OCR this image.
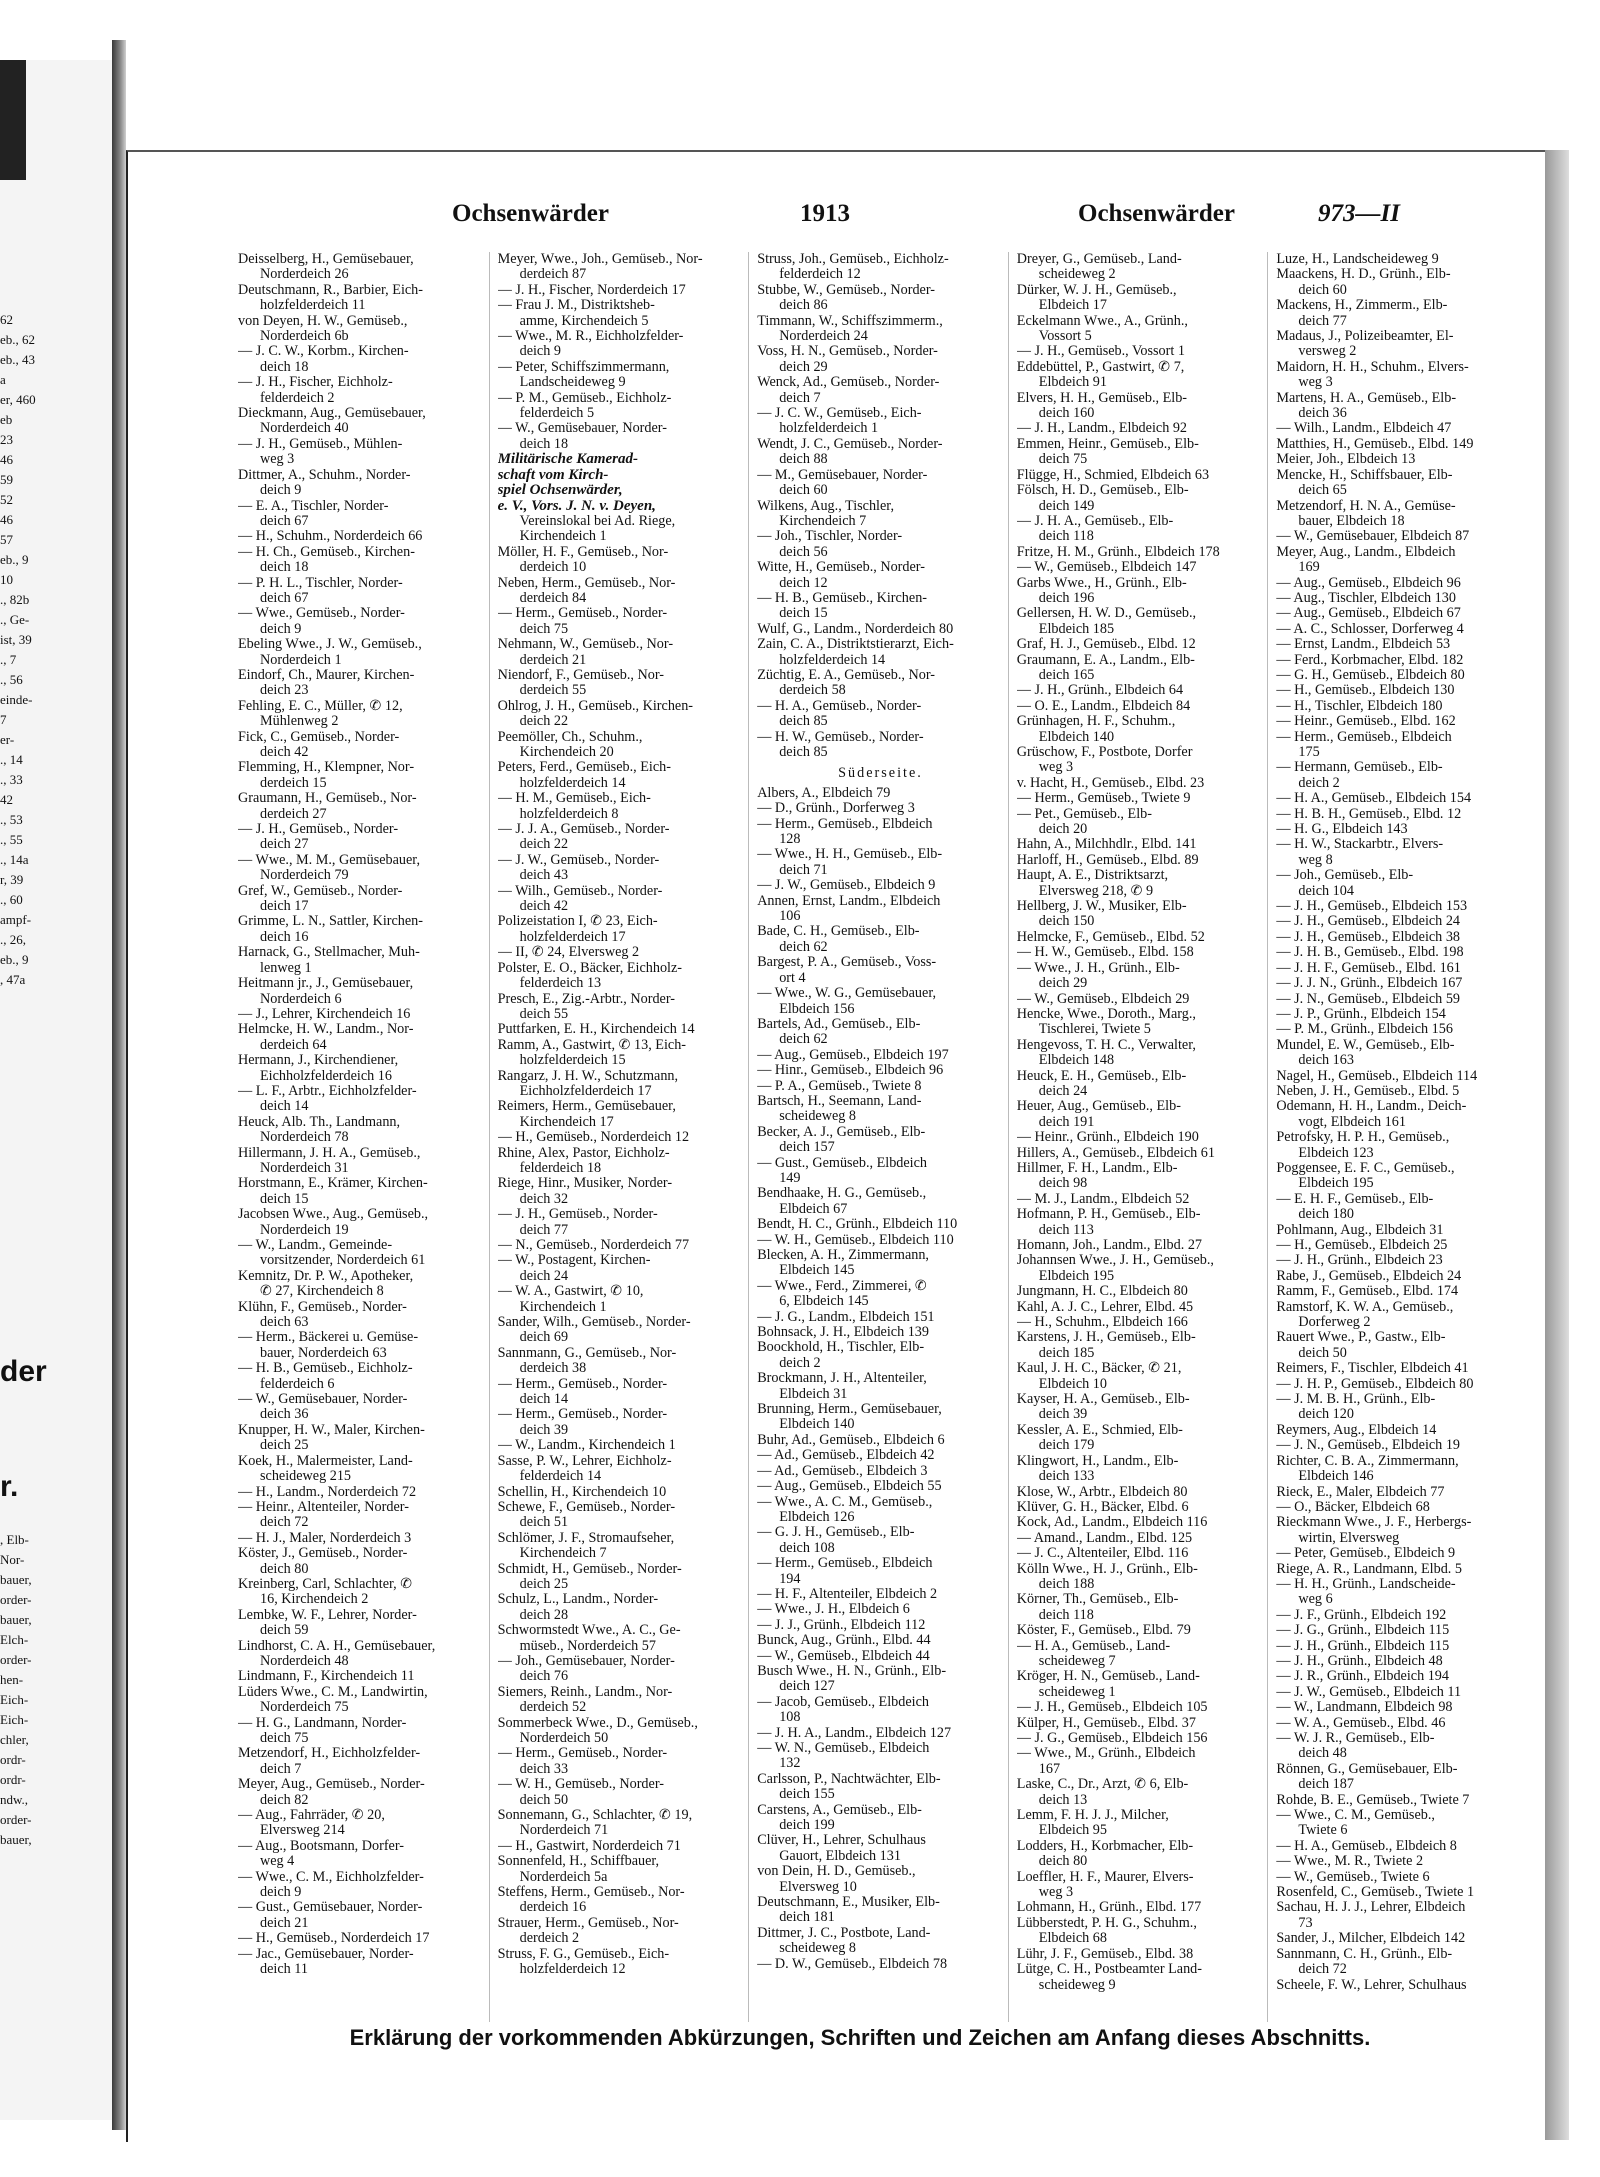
62
eb., 62
eb., 43
a
er, 460
eb
23
46
59
52
46
57
eb., 9
10
., 82b
., Ge-
ist, 39
., 7
., 56
einde-
7
er-
., 14
., 33
42
., 53
., 55
., 14a
r, 39
., 60
ampf-
., 26,
eb., 9
, 47a
der
r.
, Elb-
Nor-
bauer,
order-
bauer,
Elch-
order-
hen-
Eich-
Eich-
chler,
ordr-
ordr-
ndw.,
order-
bauer,
Ochsenwärder	1913	Ochsenwärder	973—II
Deisselberg, H., Gemüsebauer,
Norderdeich 26
Deutschmann, R., Barbier, Eich-
holzfelderdeich 11
von Deyen, H. W., Gemüseb.,
Norderdeich 6b
— J. C. W., Korbm., Kirchen-
deich 18
— J. H., Fischer, Eichholz-
felderdeich 2
Dieckmann, Aug., Gemüsebauer,
Norderdeich 40
— J. H., Gemüseb., Mühlen-
weg 3
Dittmer, A., Schuhm., Norder-
deich 9
— E. A., Tischler, Norder-
deich 67
— H., Schuhm., Norderdeich 66
— H. Ch., Gemüseb., Kirchen-
deich 18
— P. H. L., Tischler, Norder-
deich 67
— Wwe., Gemüseb., Norder-
deich 9
Ebeling Wwe., J. W., Gemüseb.,
Norderdeich 1
Eindorf, Ch., Maurer, Kirchen-
deich 23
Fehling, E. C., Müller, ✆ 12,
Mühlenweg 2
Fick, C., Gemüseb., Norder-
deich 42
Flemming, H., Klempner, Nor-
derdeich 15
Graumann, H., Gemüseb., Nor-
derdeich 27
— J. H., Gemüseb., Norder-
deich 27
— Wwe., M. M., Gemüsebauer,
Norderdeich 79
Gref, W., Gemüseb., Norder-
deich 17
Grimme, L. N., Sattler, Kirchen-
deich 16
Harnack, G., Stellmacher, Muh-
lenweg 1
Heitmann jr., J., Gemüsebauer,
Norderdeich 6
— J., Lehrer, Kirchendeich 16
Helmcke, H. W., Landm., Nor-
derdeich 64
Hermann, J., Kirchendiener,
Eichholzfelderdeich 16
— L. F., Arbtr., Eichholzfelder-
deich 14
Heuck, Alb. Th., Landmann,
Norderdeich 78
Hillermann, J. H. A., Gemüseb.,
Norderdeich 31
Horstmann, E., Krämer, Kirchen-
deich 15
Jacobsen Wwe., Aug., Gemüseb.,
Norderdeich 19
— W., Landm., Gemeinde-
vorsitzender, Norderdeich 61
Kemnitz, Dr. P. W., Apotheker,
✆ 27, Kirchendeich 8
Klühn, F., Gemüseb., Norder-
deich 63
— Herm., Bäckerei u. Gemüse-
bauer, Norderdeich 63
— H. B., Gemüseb., Eichholz-
felderdeich 6
— W., Gemüsebauer, Norder-
deich 36
Knupper, H. W., Maler, Kirchen-
deich 25
Koek, H., Malermeister, Land-
scheideweg 215
— H., Landm., Norderdeich 72
— Heinr., Altenteiler, Norder-
deich 72
— H. J., Maler, Norderdeich 3
Köster, J., Gemüseb., Norder-
deich 80
Kreinberg, Carl, Schlachter, ✆
16, Kirchendeich 2
Lembke, W. F., Lehrer, Norder-
deich 59
Lindhorst, C. A. H., Gemüsebauer,
Norderdeich 48
Lindmann, F., Kirchendeich 11
Lüders Wwe., C. M., Landwirtin,
Norderdeich 75
— H. G., Landmann, Norder-
deich 75
Metzendorf, H., Eichholzfelder-
deich 7
Meyer, Aug., Gemüseb., Norder-
deich 82
— Aug., Fahrräder, ✆ 20,
Elversweg 214
— Aug., Bootsmann, Dorfer-
weg 4
— Wwe., C. M., Eichholzfelder-
deich 9
— Gust., Gemüsebauer, Norder-
deich 21
— H., Gemüseb., Norderdeich 17
— Jac., Gemüsebauer, Norder-
deich 11
Meyer, Wwe., Joh., Gemüseb., Nor-
derdeich 87
— J. H., Fischer, Norderdeich 17
— Frau J. M., Distriktsheb-
amme, Kirchendeich 5
— Wwe., M. R., Eichholzfelder-
deich 9
— Peter, Schiffszimmermann,
Landscheideweg 9
— P. M., Gemüseb., Eichholz-
felderdeich 5
— W., Gemüsebauer, Norder-
deich 18
Militärische Kamerad-
schaft vom Kirch-
spiel Ochsenwärder,
e. V., Vors. J. N. v. Deyen,
Vereinslokal bei Ad. Riege,
Kirchendeich 1
Möller, H. F., Gemüseb., Nor-
derdeich 10
Neben, Herm., Gemüseb., Nor-
derdeich 84
— Herm., Gemüseb., Norder-
deich 75
Nehmann, W., Gemüseb., Nor-
derdeich 21
Niendorf, F., Gemüseb., Nor-
derdeich 55
Ohlrog, J. H., Gemüseb., Kirchen-
deich 22
Peemöller, Ch., Schuhm.,
Kirchendeich 20
Peters, Ferd., Gemüseb., Eich-
holzfelderdeich 14
— H. M., Gemüseb., Eich-
holzfelderdeich 8
— J. J. A., Gemüseb., Norder-
deich 22
— J. W., Gemüseb., Norder-
deich 43
— Wilh., Gemüseb., Norder-
deich 42
Polizeistation I, ✆ 23, Eich-
holzfelderdeich 17
— II, ✆ 24, Elversweg 2
Polster, E. O., Bäcker, Eichholz-
felderdeich 13
Presch, E., Zig.-Arbtr., Norder-
deich 55
Puttfarken, E. H., Kirchendeich 14
Ramm, A., Gastwirt, ✆ 13, Eich-
holzfelderdeich 15
Rangarz, J. H. W., Schutzmann,
Eichholzfelderdeich 17
Reimers, Herm., Gemüsebauer,
Kirchendeich 17
— H., Gemüseb., Norderdeich 12
Rhine, Alex, Pastor, Eichholz-
felderdeich 18
Riege, Hinr., Musiker, Norder-
deich 32
— J. H., Gemüseb., Norder-
deich 77
— N., Gemüseb., Norderdeich 77
— W., Postagent, Kirchen-
deich 24
— W. A., Gastwirt, ✆ 10,
Kirchendeich 1
Sander, Wilh., Gemüseb., Norder-
deich 69
Sannmann, G., Gemüseb., Nor-
derdeich 38
— Herm., Gemüseb., Norder-
deich 14
— Herm., Gemüseb., Norder-
deich 39
— W., Landm., Kirchendeich 1
Sasse, P. W., Lehrer, Eichholz-
felderdeich 14
Schellin, H., Kirchendeich 10
Schewe, F., Gemüseb., Norder-
deich 51
Schlömer, J. F., Stromaufseher,
Kirchendeich 7
Schmidt, H., Gemüseb., Norder-
deich 25
Schulz, L., Landm., Norder-
deich 28
Schwormstedt Wwe., A. C., Ge-
müseb., Norderdeich 57
— Joh., Gemüsebauer, Norder-
deich 76
Siemers, Reinh., Landm., Nor-
derdeich 52
Sommerbeck Wwe., D., Gemüseb.,
Norderdeich 50
— Herm., Gemüseb., Norder-
deich 33
— W. H., Gemüseb., Norder-
deich 50
Sonnemann, G., Schlachter, ✆ 19,
Norderdeich 71
— H., Gastwirt, Norderdeich 71
Sonnenfeld, H., Schiffbauer,
Norderdeich 5a
Steffens, Herm., Gemüseb., Nor-
derdeich 16
Strauer, Herm., Gemüseb., Nor-
derdeich 2
Struss, F. G., Gemüseb., Eich-
holzfelderdeich 12
Struss, Joh., Gemüseb., Eichholz-
felderdeich 12
Stubbe, W., Gemüseb., Norder-
deich 86
Timmann, W., Schiffszimmerm.,
Norderdeich 24
Voss, H. N., Gemüseb., Norder-
deich 29
Wenck, Ad., Gemüseb., Norder-
deich 7
— J. C. W., Gemüseb., Eich-
holzfelderdeich 1
Wendt, J. C., Gemüseb., Norder-
deich 88
— M., Gemüsebauer, Norder-
deich 60
Wilkens, Aug., Tischler,
Kirchendeich 7
— Joh., Tischler, Norder-
deich 56
Witte, H., Gemüseb., Norder-
deich 12
— H. B., Gemüseb., Kirchen-
deich 15
Wulf, G., Landm., Norderdeich 80
Zain, C. A., Distriktstierarzt, Eich-
holzfelderdeich 14
Züchtig, E. A., Gemüseb., Nor-
derdeich 58
— H. A., Gemüseb., Norder-
deich 85
— H. W., Gemüseb., Norder-
deich 85
Süderseite.
Albers, A., Elbdeich 79
— D., Grünh., Dorferweg 3
— Herm., Gemüseb., Elbdeich
128
— Wwe., H. H., Gemüseb., Elb-
deich 71
— J. W., Gemüseb., Elbdeich 9
Annen, Ernst, Landm., Elbdeich
106
Bade, C. H., Gemüseb., Elb-
deich 62
Bargest, P. A., Gemüseb., Voss-
ort 4
— Wwe., W. G., Gemüsebauer,
Elbdeich 156
Bartels, Ad., Gemüseb., Elb-
deich 62
— Aug., Gemüseb., Elbdeich 197
— Hinr., Gemüseb., Elbdeich 96
— P. A., Gemüseb., Twiete 8
Bartsch, H., Seemann, Land-
scheideweg 8
Becker, A. J., Gemüseb., Elb-
deich 157
— Gust., Gemüseb., Elbdeich
149
Bendhaake, H. G., Gemüseb.,
Elbdeich 67
Bendt, H. C., Grünh., Elbdeich 110
— W. H., Gemüseb., Elbdeich 110
Blecken, A. H., Zimmermann,
Elbdeich 145
— Wwe., Ferd., Zimmerei, ✆
6, Elbdeich 145
— J. G., Landm., Elbdeich 151
Bohnsack, J. H., Elbdeich 139
Boockhold, H., Tischler, Elb-
deich 2
Brockmann, J. H., Altenteiler,
Elbdeich 31
Brunning, Herm., Gemüsebauer,
Elbdeich 140
Buhr, Ad., Gemüseb., Elbdeich 6
— Ad., Gemüseb., Elbdeich 42
— Ad., Gemüseb., Elbdeich 3
— Aug., Gemüseb., Elbdeich 55
— Wwe., A. C. M., Gemüseb.,
Elbdeich 126
— G. J. H., Gemüseb., Elb-
deich 108
— Herm., Gemüseb., Elbdeich
194
— H. F., Altenteiler, Elbdeich 2
— Wwe., J. H., Elbdeich 6
— J. J., Grünh., Elbdeich 112
Bunck, Aug., Grünh., Elbd. 44
— W., Gemüseb., Elbdeich 44
Busch Wwe., H. N., Grünh., Elb-
deich 127
— Jacob, Gemüseb., Elbdeich
108
— J. H. A., Landm., Elbdeich 127
— W. N., Gemüseb., Elbdeich
132
Carlsson, P., Nachtwächter, Elb-
deich 155
Carstens, A., Gemüseb., Elb-
deich 199
Clüver, H., Lehrer, Schulhaus
Gauort, Elbdeich 131
von Dein, H. D., Gemüseb.,
Elversweg 10
Deutschmann, E., Musiker, Elb-
deich 181
Dittmer, J. C., Postbote, Land-
scheideweg 8
— D. W., Gemüseb., Elbdeich 78
Dreyer, G., Gemüseb., Land-
scheideweg 2
Dürker, W. J. H., Gemüseb.,
Elbdeich 17
Eckelmann Wwe., A., Grünh.,
Vossort 5
— J. H., Gemüseb., Vossort 1
Eddebüttel, P., Gastwirt, ✆ 7,
Elbdeich 91
Elvers, H. H., Gemüseb., Elb-
deich 160
— J. H., Landm., Elbdeich 92
Emmen, Heinr., Gemüseb., Elb-
deich 75
Flügge, H., Schmied, Elbdeich 63
Fölsch, H. D., Gemüseb., Elb-
deich 149
— J. H. A., Gemüseb., Elb-
deich 118
Fritze, H. M., Grünh., Elbdeich 178
— W., Gemüseb., Elbdeich 147
Garbs Wwe., H., Grünh., Elb-
deich 196
Gellersen, H. W. D., Gemüseb.,
Elbdeich 185
Graf, H. J., Gemüseb., Elbd. 12
Graumann, E. A., Landm., Elb-
deich 165
— J. H., Grünh., Elbdeich 64
— O. E., Landm., Elbdeich 84
Grünhagen, H. F., Schuhm.,
Elbdeich 140
Grüschow, F., Postbote, Dorfer
weg 3
v. Hacht, H., Gemüseb., Elbd. 23
— Herm., Gemüseb., Twiete 9
— Pet., Gemüseb., Elb-
deich 20
Hahn, A., Milchhdlr., Elbd. 141
Harloff, H., Gemüseb., Elbd. 89
Haupt, A. E., Distriktsarzt,
Elversweg 218, ✆ 9
Hellberg, J. W., Musiker, Elb-
deich 150
Helmcke, F., Gemüseb., Elbd. 52
— H. W., Gemüseb., Elbd. 158
— Wwe., J. H., Grünh., Elb-
deich 29
— W., Gemüseb., Elbdeich 29
Hencke, Wwe., Doroth., Marg.,
Tischlerei, Twiete 5
Hengevoss, T. H. C., Verwalter,
Elbdeich 148
Heuck, E. H., Gemüseb., Elb-
deich 24
Heuer, Aug., Gemüseb., Elb-
deich 191
— Heinr., Grünh., Elbdeich 190
Hillers, A., Gemüseb., Elbdeich 61
Hillmer, F. H., Landm., Elb-
deich 98
— M. J., Landm., Elbdeich 52
Hofmann, P. H., Gemüseb., Elb-
deich 113
Homann, Joh., Landm., Elbd. 27
Johannsen Wwe., J. H., Gemüseb.,
Elbdeich 195
Jungmann, H. C., Elbdeich 80
Kahl, A. J. C., Lehrer, Elbd. 45
— H., Schuhm., Elbdeich 166
Karstens, J. H., Gemüseb., Elb-
deich 185
Kaul, J. H. C., Bäcker, ✆ 21,
Elbdeich 10
Kayser, H. A., Gemüseb., Elb-
deich 39
Kessler, A. E., Schmied, Elb-
deich 179
Klingwort, H., Landm., Elb-
deich 133
Klose, W., Arbtr., Elbdeich 80
Klüver, G. H., Bäcker, Elbd. 6
Kock, Ad., Landm., Elbdeich 116
— Amand., Landm., Elbd. 125
— J. C., Altenteiler, Elbd. 116
Kölln Wwe., H. J., Grünh., Elb-
deich 188
Körner, Th., Gemüseb., Elb-
deich 118
Köster, F., Gemüseb., Elbd. 79
— H. A., Gemüseb., Land-
scheideweg 7
Kröger, H. N., Gemüseb., Land-
scheideweg 1
— J. H., Gemüseb., Elbdeich 105
Külper, H., Gemüseb., Elbd. 37
— J. G., Gemüseb., Elbdeich 156
— Wwe., M., Grünh., Elbdeich
167
Laske, C., Dr., Arzt, ✆ 6, Elb-
deich 13
Lemm, F. H. J. J., Milcher,
Elbdeich 95
Lodders, H., Korbmacher, Elb-
deich 80
Loeffler, H. F., Maurer, Elvers-
weg 3
Lohmann, H., Grünh., Elbd. 177
Lübberstedt, P. H. G., Schuhm.,
Elbdeich 68
Lühr, J. F., Gemüseb., Elbd. 38
Lütge, C. H., Postbeamter Land-
scheideweg 9
Luze, H., Landscheideweg 9
Maackens, H. D., Grünh., Elb-
deich 60
Mackens, H., Zimmerm., Elb-
deich 77
Madaus, J., Polizeibeamter, El-
versweg 2
Maidorn, H. H., Schuhm., Elvers-
weg 3
Martens, H. A., Gemüseb., Elb-
deich 36
— Wilh., Landm., Elbdeich 47
Matthies, H., Gemüseb., Elbd. 149
Meier, Joh., Elbdeich 13
Mencke, H., Schiffsbauer, Elb-
deich 65
Metzendorf, H. N. A., Gemüse-
bauer, Elbdeich 18
— W., Gemüsebauer, Elbdeich 87
Meyer, Aug., Landm., Elbdeich
169
— Aug., Gemüseb., Elbdeich 96
— Aug., Tischler, Elbdeich 130
— Aug., Gemüseb., Elbdeich 67
— A. C., Schlosser, Dorferweg 4
— Ernst, Landm., Elbdeich 53
— Ferd., Korbmacher, Elbd. 182
— G. H., Gemüseb., Elbdeich 80
— H., Gemüseb., Elbdeich 130
— H., Tischler, Elbdeich 180
— Heinr., Gemüseb., Elbd. 162
— Herm., Gemüseb., Elbdeich
175
— Hermann, Gemüseb., Elb-
deich 2
— H. A., Gemüseb., Elbdeich 154
— H. B. H., Gemüseb., Elbd. 12
— H. G., Elbdeich 143
— H. W., Stackarbtr., Elvers-
weg 8
— Joh., Gemüseb., Elb-
deich 104
— J. H., Gemüseb., Elbdeich 153
— J. H., Gemüseb., Elbdeich 24
— J. H., Gemüseb., Elbdeich 38
— J. H. B., Gemüseb., Elbd. 198
— J. H. F., Gemüseb., Elbd. 161
— J. J. N., Grünh., Elbdeich 167
— J. N., Gemüseb., Elbdeich 59
— J. P., Grünh., Elbdeich 154
— P. M., Grünh., Elbdeich 156
Mundel, E. W., Gemüseb., Elb-
deich 163
Nagel, H., Gemüseb., Elbdeich 114
Neben, J. H., Gemüseb., Elbd. 5
Odemann, H. H., Landm., Deich-
vogt, Elbdeich 161
Petrofsky, H. P. H., Gemüseb.,
Elbdeich 123
Poggensee, E. F. C., Gemüseb.,
Elbdeich 195
— E. H. F., Gemüseb., Elb-
deich 180
Pohlmann, Aug., Elbdeich 31
— H., Gemüseb., Elbdeich 25
— J. H., Grünh., Elbdeich 23
Rabe, J., Gemüseb., Elbdeich 24
Ramm, F., Gemüseb., Elbd. 174
Ramstorf, K. W. A., Gemüseb.,
Dorferweg 2
Rauert Wwe., P., Gastw., Elb-
deich 50
Reimers, F., Tischler, Elbdeich 41
— J. H. P., Gemüseb., Elbdeich 80
— J. M. B. H., Grünh., Elb-
deich 120
Reymers, Aug., Elbdeich 14
— J. N., Gemüseb., Elbdeich 19
Richter, C. B. A., Zimmermann,
Elbdeich 146
Rieck, E., Maler, Elbdeich 77
— O., Bäcker, Elbdeich 68
Rieckmann Wwe., J. F., Herbergs-
wirtin, Elversweg
— Peter, Gemüseb., Elbdeich 9
Riege, A. R., Landmann, Elbd. 5
— H. H., Grünh., Landscheide-
weg 6
— J. F., Grünh., Elbdeich 192
— J. G., Grünh., Elbdeich 115
— J. H., Grünh., Elbdeich 115
— J. H., Grünh., Elbdeich 48
— J. R., Grünh., Elbdeich 194
— J. W., Gemüseb., Elbdeich 11
— W., Landmann, Elbdeich 98
— W. A., Gemüseb., Elbd. 46
— W. J. R., Gemüseb., Elb-
deich 48
Rönnen, G., Gemüsebauer, Elb-
deich 187
Rohde, B. E., Gemüseb., Twiete 7
— Wwe., C. M., Gemüseb.,
Twiete 6
— H. A., Gemüseb., Elbdeich 8
— Wwe., M. R., Twiete 2
— W., Gemüseb., Twiete 6
Rosenfeld, C., Gemüseb., Twiete 1
Sachau, H. J. J., Lehrer, Elbdeich
73
Sander, J., Milcher, Elbdeich 142
Sannmann, C. H., Grünh., Elb-
deich 72
Scheele, F. W., Lehrer, Schulhaus
Erklärung der vorkommenden Abkürzungen, Schriften und Zeichen am Anfang dieses Abschnitts.
